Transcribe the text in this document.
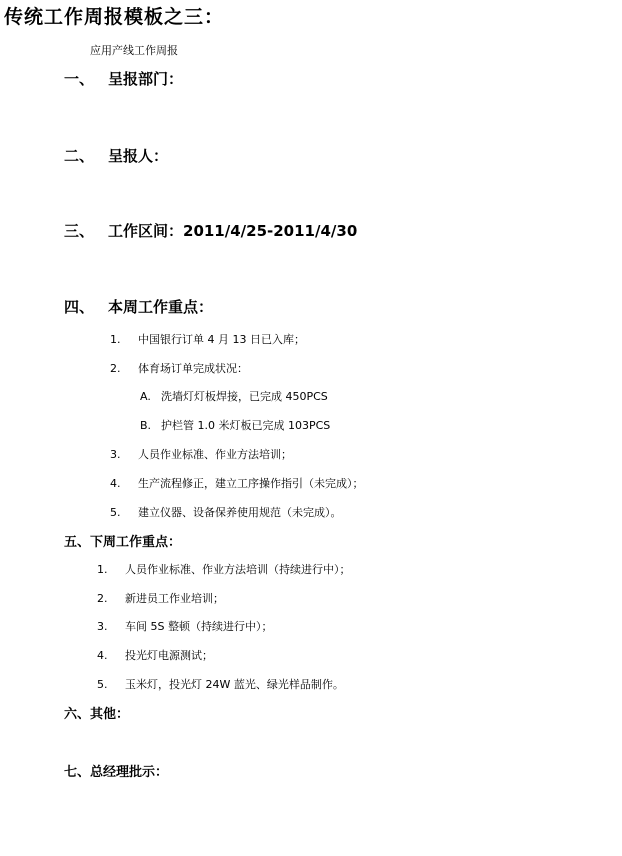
传统工作周报模板之三：
应用产线工作周报
一、 呈报部门：
二、 呈报人：
三、 工作区间：2011/4/25-2011/4/30
四、 本周工作重点：
1. 中国银行订单 4 月 13 日已入库；
2. 体育场订单完成状况：
A. 洗墙灯灯板焊接，已完成 450PCS
B. 护栏管 1.0 米灯板已完成 103PCS
3. 人员作业标准、作业方法培训；
4. 生产流程修正，建立工序操作指引（未完成）；
5. 建立仪器、设备保养使用规范（未完成）。
五、下周工作重点：
1. 人员作业标准、作业方法培训（持续进行中）；
2. 新进员工作业培训；
3. 车间 5S 整顿（持续进行中）；
4. 投光灯电源测试；
5. 玉米灯，投光灯 24W 蓝光、绿光样品制作。
六、其他：
七、总经理批示：
